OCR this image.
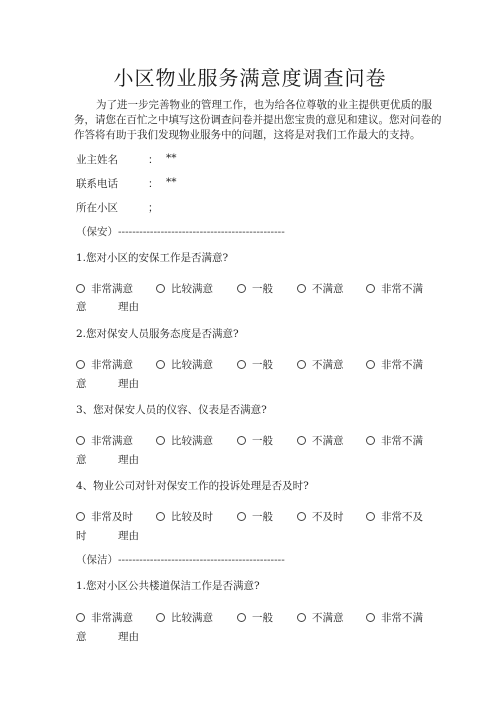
小区物业服务满意度调查问卷
为了进一步完善物业的管理工作，也为给各位尊敬的业主提供更优质的服务，请您在百忙之中填写这份调查问卷并提出您宝贵的意见和建议。您对问卷的作答将有助于我们发现物业服务中的问题，这将是对我们工作最大的支持。
业主姓名	： **
联系电话	： **
所在小区	；
（保安）-----------------------------------------------
1.您对小区的安保工作是否满意?
非常满意	比较满意	一般	不满意	非常不满
意	理由
2.您对保安人员服务态度是否满意?
非常满意	比较满意	一般	不满意	非常不满
意	理由
3、您对保安人员的仪容、仪表是否满意?
非常满意	比较满意	一般	不满意	非常不满
意	理由
4、物业公司对针对保安工作的投诉处理是否及时?
非常及时	比较及时	一般	不及时	非常不及
时	理由
（保洁）-----------------------------------------------
1.您对小区公共楼道保洁工作是否满意?
非常满意	比较满意	一般	不满意	非常不满
意	理由
